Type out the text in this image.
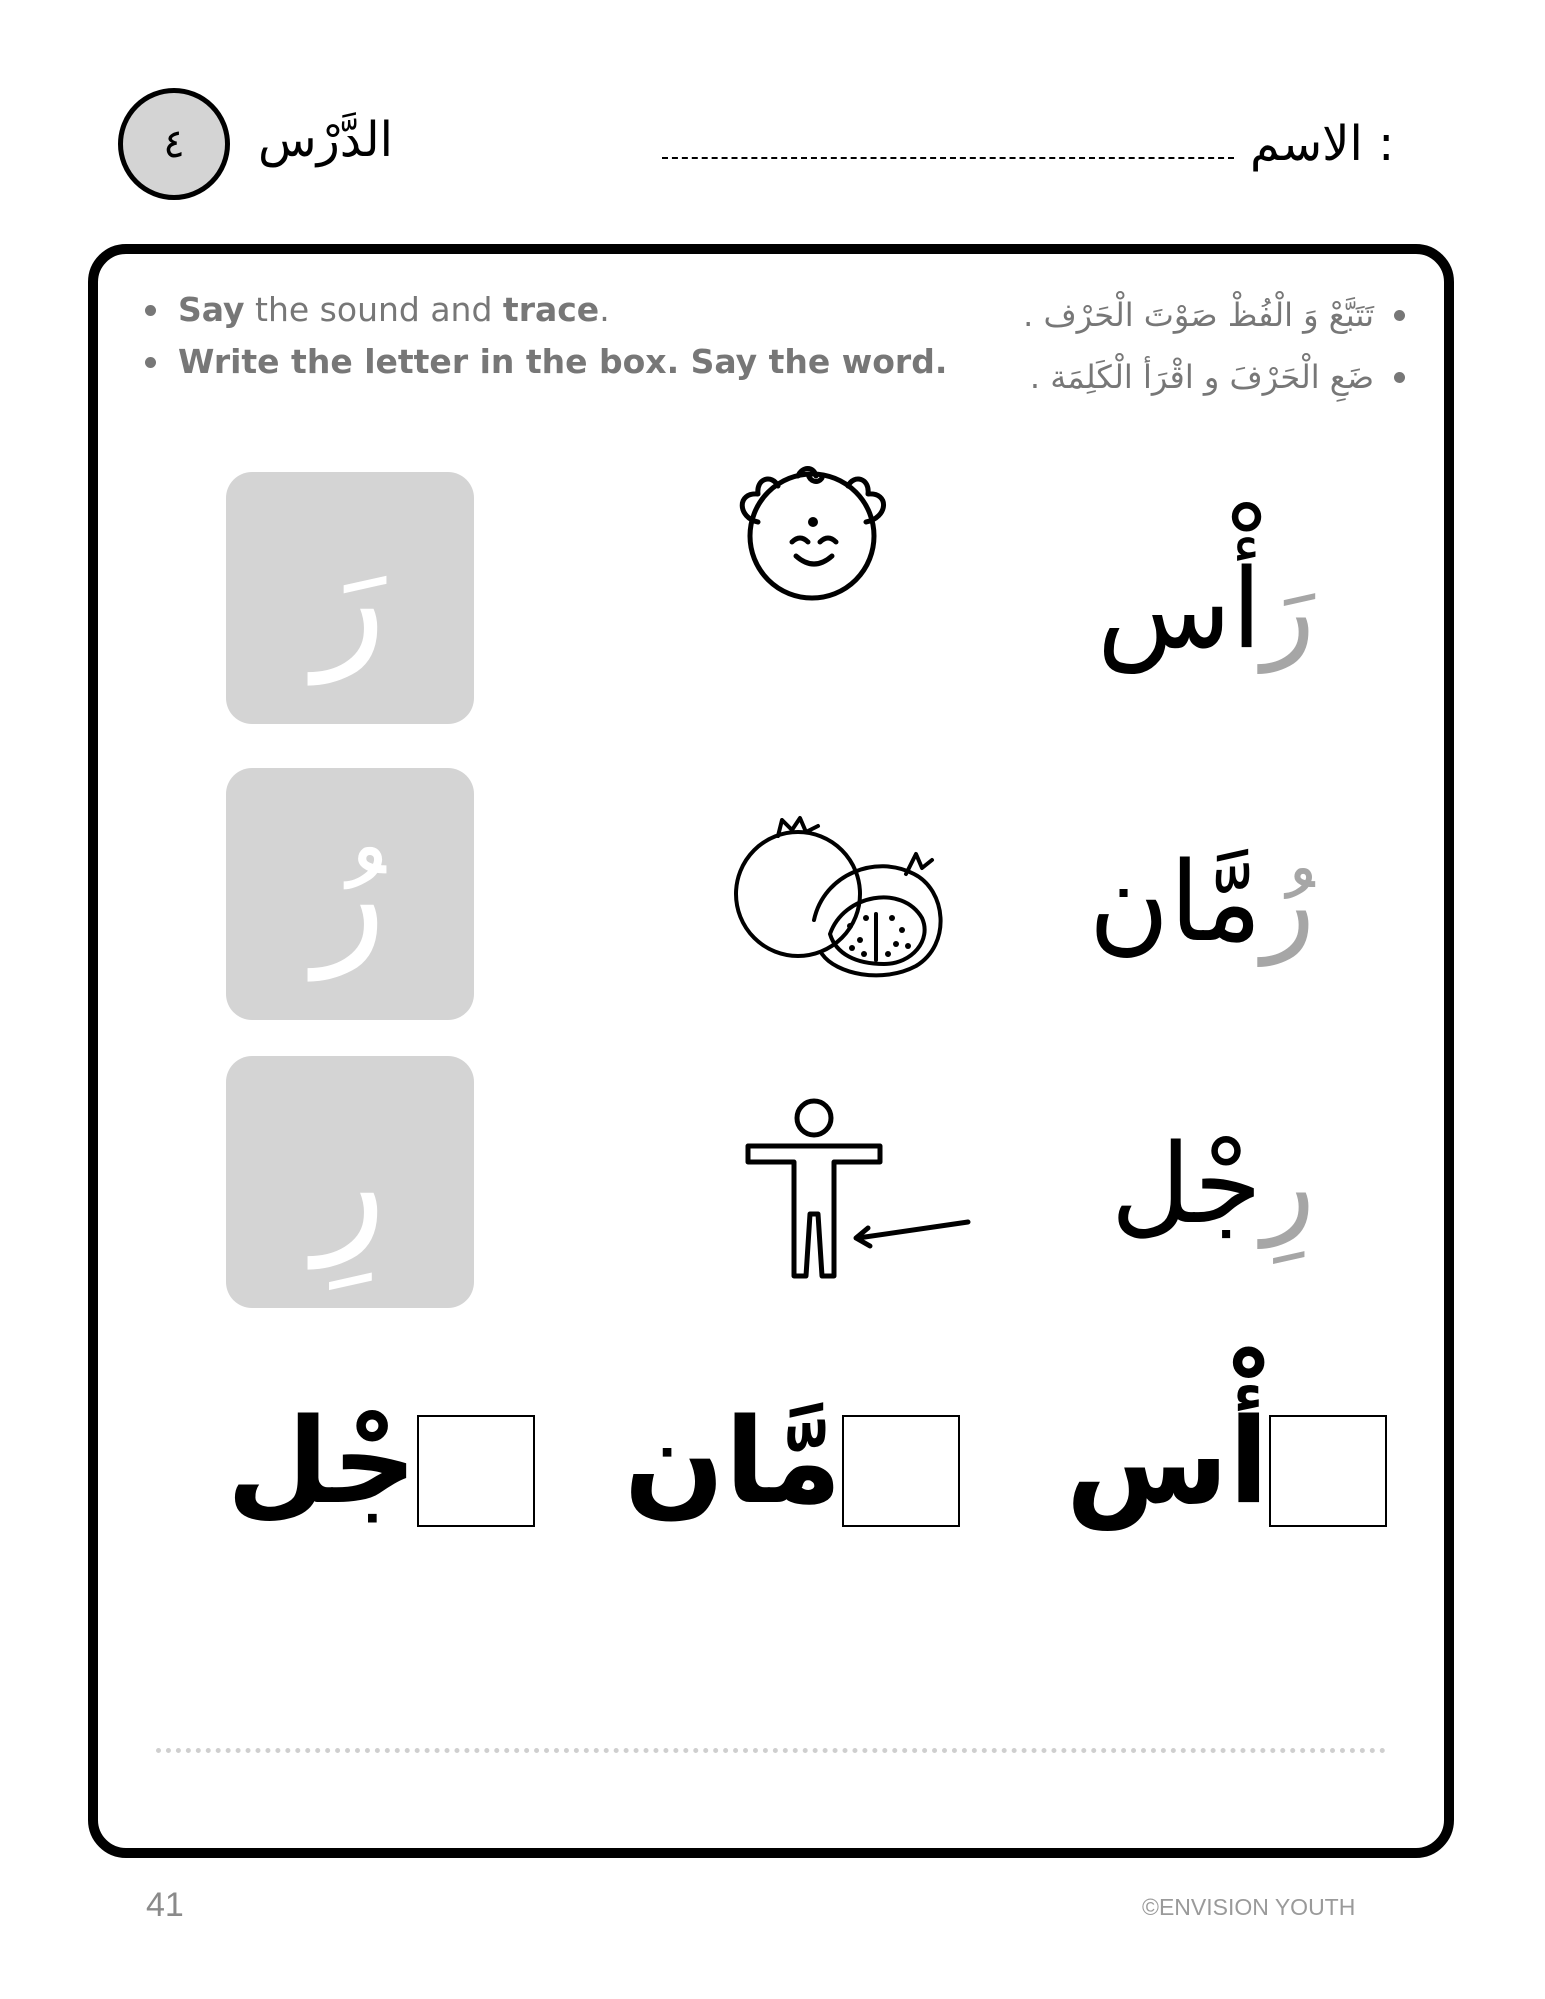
٤ الدَّرْس	الاسم :
Say the sound and trace.
Write the letter in the box. Say the word.
تَتَبَّعْ وَ الْفُظْ صَوْتَ الْحَرْف .
ضَعِ الْحَرْفَ و اقْرَأ الْكَلِمَة .
رَ	رَأْس
رُ	رُمَّان
رِ	رِجْل
أْس
مَّان
جْل
41	©ENVISION YOUTH
